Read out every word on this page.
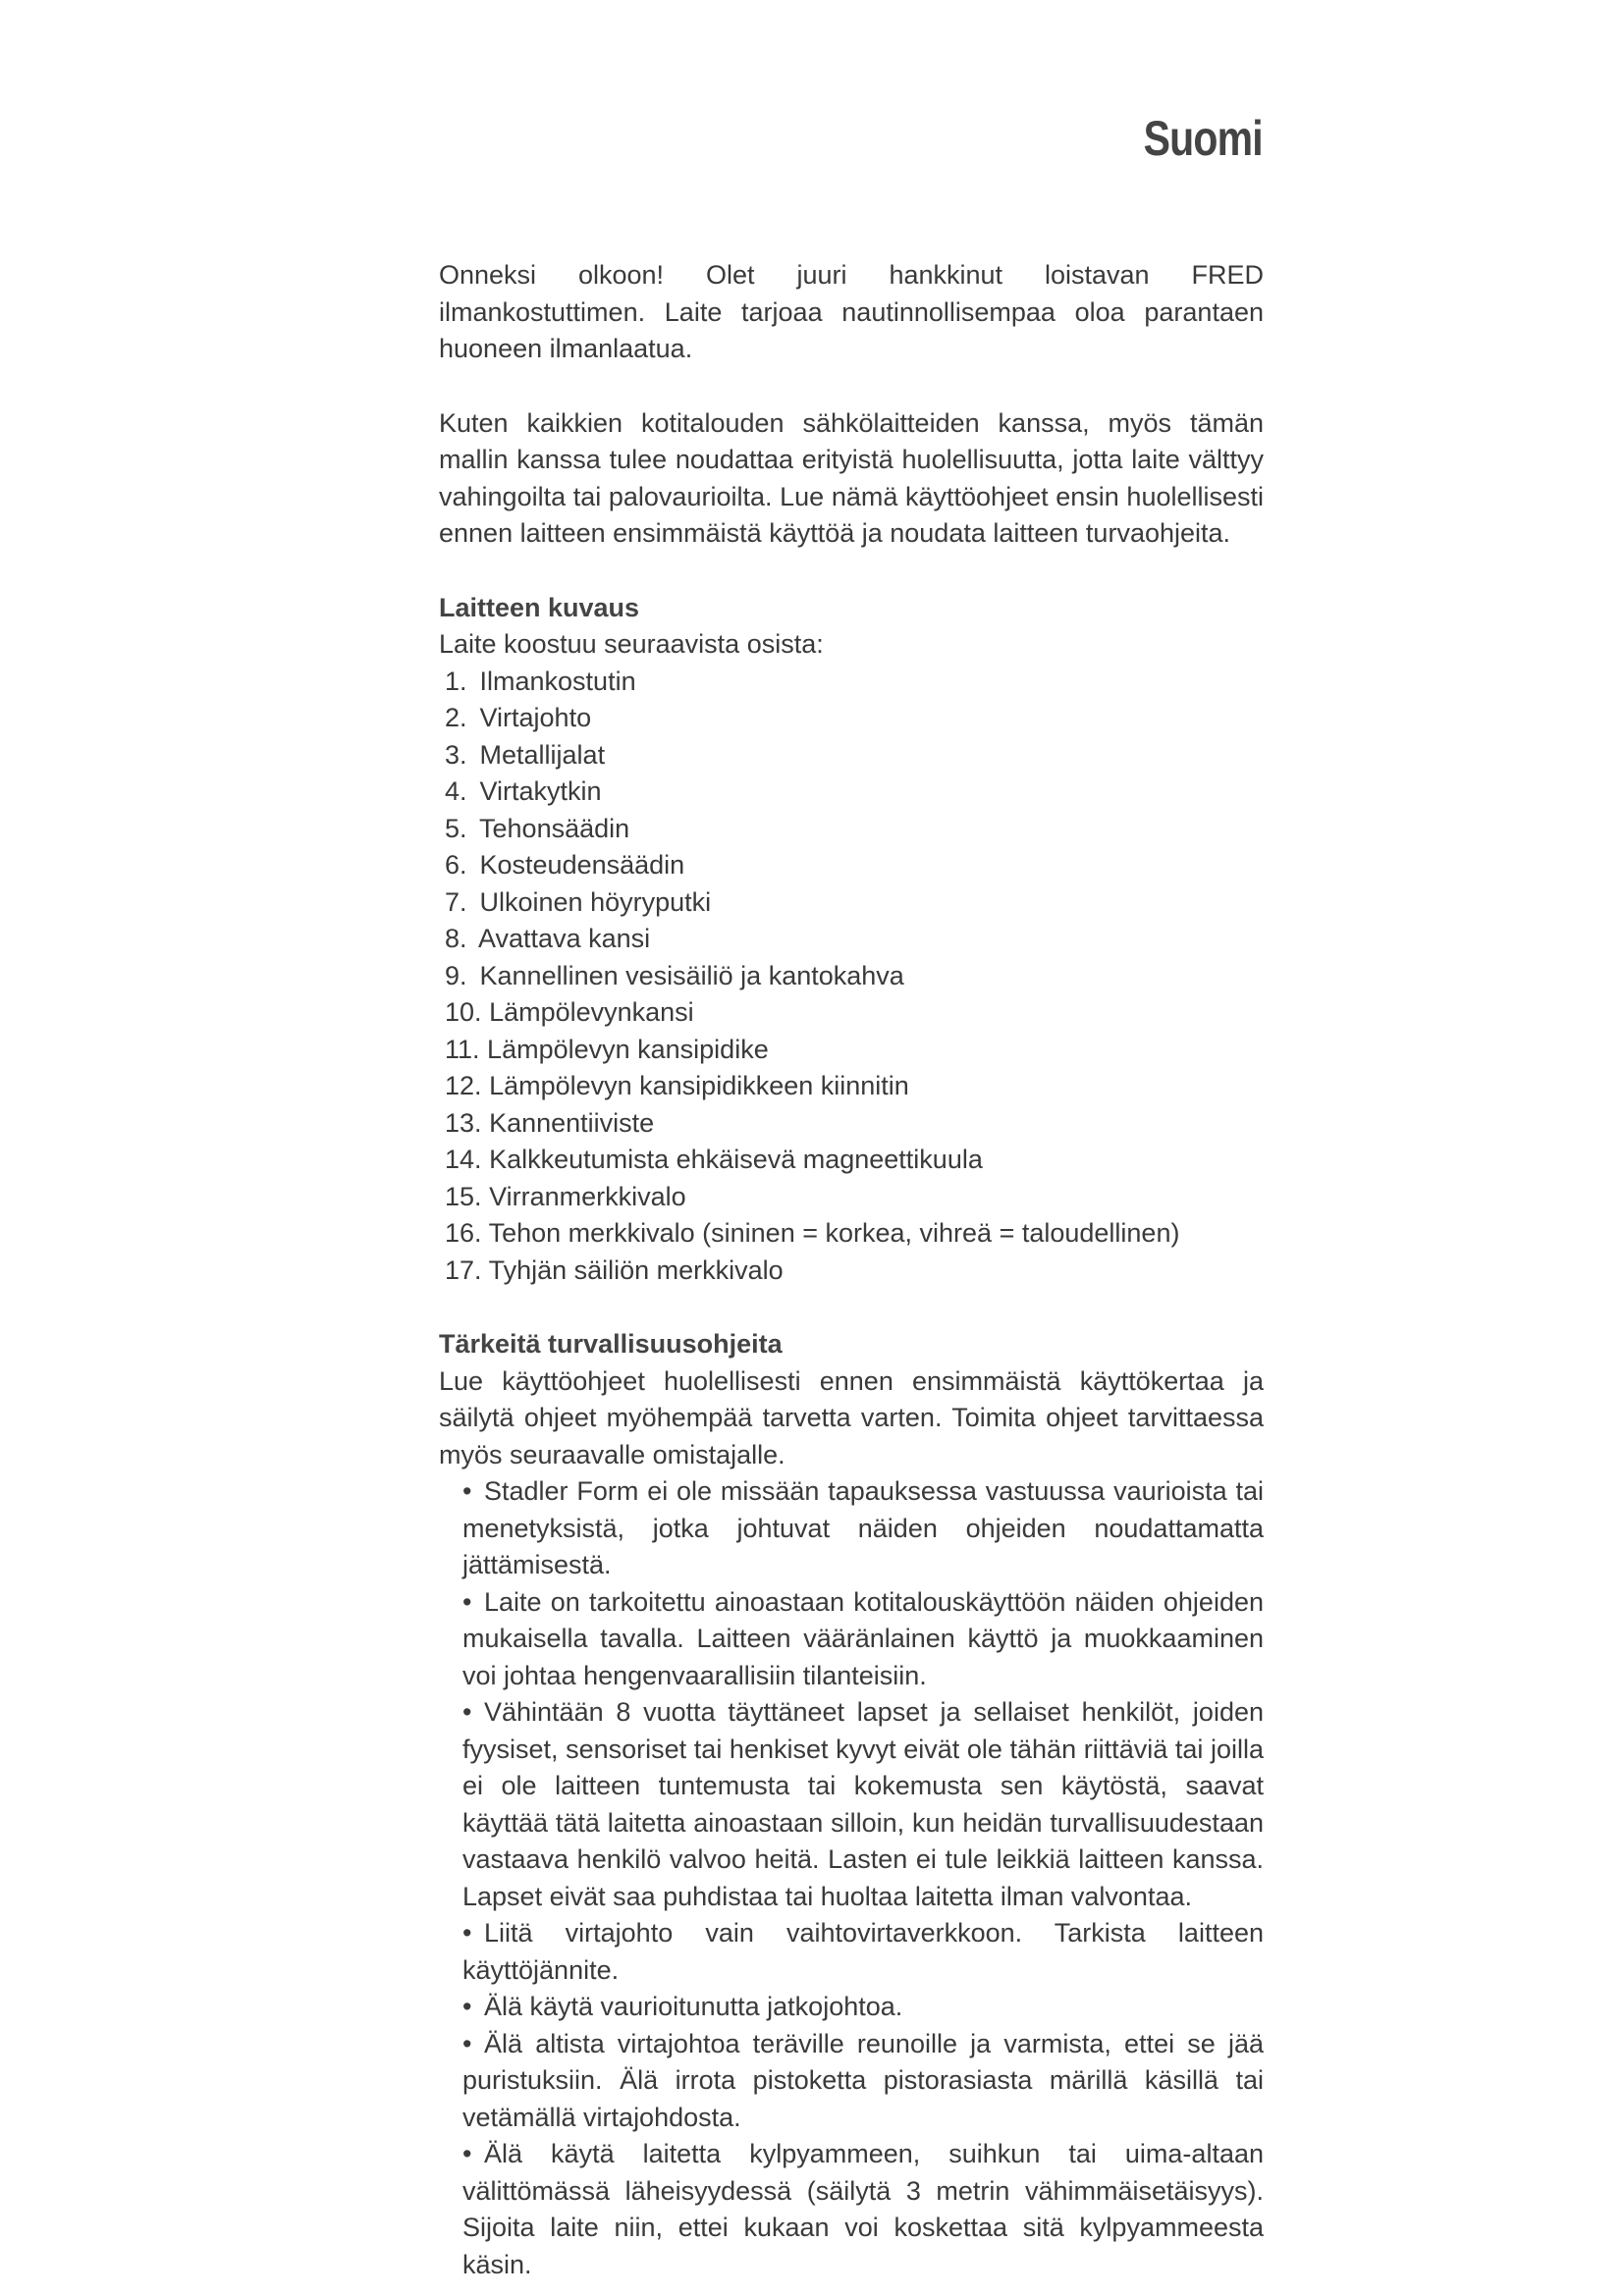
Suomi

Onneksi olkoon! Olet juuri hankkinut loistavan FRED ilmankostuttimen. Laite tarjoaa nautinnollisempaa oloa parantaen huoneen ilmanlaatua.

Kuten kaikkien kotitalouden sähkölaitteiden kanssa, myös tämän mallin kanssa tulee noudattaa erityistä huolellisuutta, jotta laite välttyy vahingoilta tai palovaurioilta. Lue nämä käyttöohjeet ensin huolellisesti ennen laitteen ensimmäistä käyttöä ja noudata laitteen turvaohjeita.

Laitteen kuvaus
Laite koostuu seuraavista osista:
1. Ilmankostutin
2. Virtajohto
3. Metallijalat
4. Virtakytkin
5. Tehonsäädin
6. Kosteudensäädin
7. Ulkoinen höyryputki
8. Avattava kansi
9. Kannellinen vesisäiliö ja kantokahva
10. Lämpölevynkansi
11. Lämpölevyn kansipidike
12. Lämpölevyn kansipidikkeen kiinnitin
13. Kannentiiviste
14. Kalkkeutumista ehkäisevä magneettikuula
15. Virranmerkkivalo
16. Tehon merkkivalo (sininen = korkea, vihreä = taloudellinen)
17. Tyhjän säiliön merkkivalo
Tärkeitä turvallisuusohjeita

Lue käyttöohjeet huolellisesti ennen ensimmäistä käyttökertaa ja säilytä ohjeet myöhempää tarvetta varten. Toimita ohjeet tarvittaessa myös seuraavalle omistajalle.

• Stadler Form ei ole missään tapauksessa vastuussa vaurioista tai menetyksistä, jotka johtuvat näiden ohjeiden noudattamatta jättämisestä.
• Laite on tarkoitettu ainoastaan kotitalouskäyttöön näiden ohjeiden mukaisella tavalla. Laitteen vääränlainen käyttö ja muokkaaminen voi johtaa hengenvaarallisiin tilanteisiin.
• Vähintään 8 vuotta täyttäneet lapset ja sellaiset henkilöt, joiden fyysiset, sensoriset tai henkiset kyvyt eivät ole tähän riittäviä tai joilla ei ole laitteen tuntemusta tai kokemusta sen käytöstä, saavat käyttää tätä laitetta ainoastaan silloin, kun heidän turvallisuudestaan vastaava henkilö valvoo heitä. Lasten ei tule leikkiä laitteen kanssa. Lapset eivät saa puhdistaa tai huoltaa laitetta ilman valvontaa.
• Liitä virtajohto vain vaihtovirtaverkkoon. Tarkista laitteen käyttöjännite.
• Älä käytä vaurioitunutta jatkojohtoa.
• Älä altista virtajohtoa teräville reunoille ja varmista, ettei se jää puristuksiin. Älä irrota pistoketta pistorasiasta märillä käsillä tai vetämällä virtajohdosta.
• Älä käytä laitetta kylpyammeen, suihkun tai uima-altaan välittömässä läheisyydessä (säilytä 3 metrin vähimmäisetäisyys). Sijoita laite niin, ettei kukaan voi koskettaa sitä kylpyammeesta käsin.
